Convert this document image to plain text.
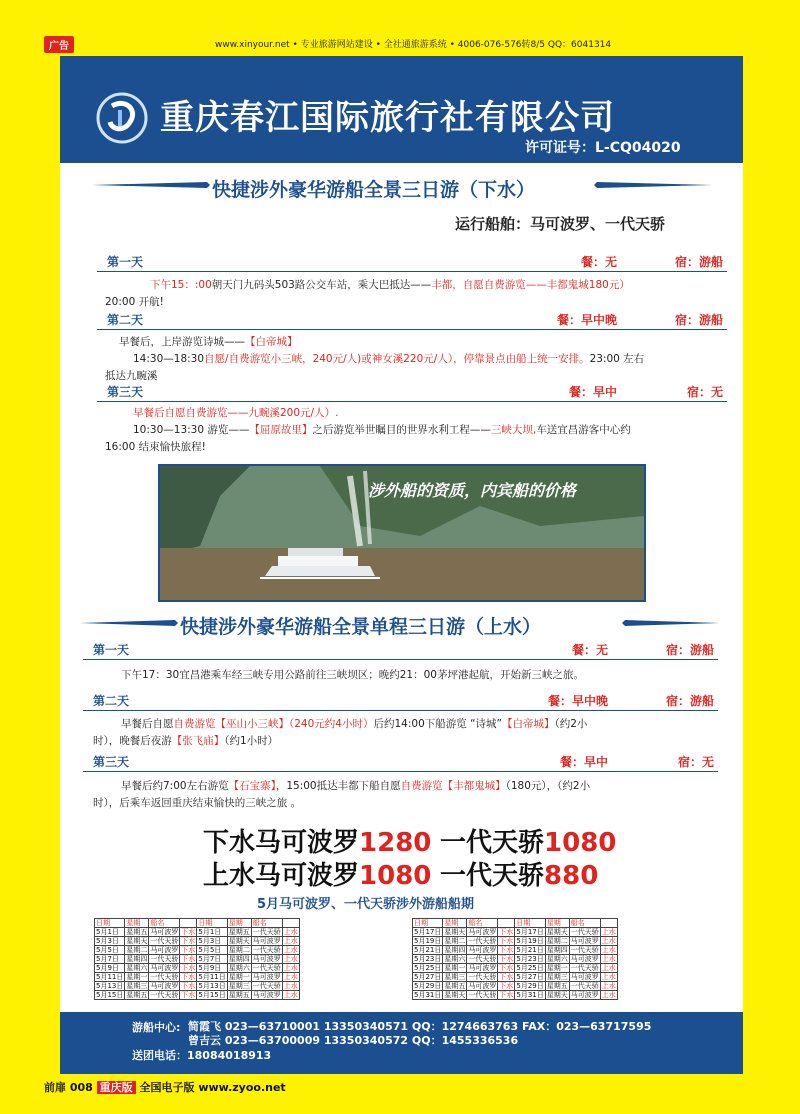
广告	www.xinyour.net • 专业旅游网站建设 • 全社通旅游系统 • 4006-076-576转8/5 QQ：6041314
重庆春江国际旅行社有限公司
许可证号：L-CQ04020
快捷涉外豪华游船全景三日游（下水）
运行船舶：马可波罗、一代天骄
第一天	餐：无	宿：游船
下午15：:00朝天门九码头503路公交车站，乘大巴抵达——丰都，自愿自费游览——丰都鬼城180元）
20:00 开航!
第二天	餐：早中晚	宿：游船
早餐后，上岸游览诗城——【白帝城】
14:30—18:30自愿/自费游览小三峡，240元/人)或神女溪220元/人），停靠景点由船上统一安排。23:00 左右
抵达九畹溪
第三天	餐：早中	宿：无
早餐后自愿自费游览——九畹溪200元/人）.
10:30—13:30 游览——【屈原故里】之后游览举世瞩目的世界水利工程——三峡大坝,车送宜昌游客中心约
16:00 结束愉快旅程!
涉外船的资质，内宾船的价格
快捷涉外豪华游船全景单程三日游（上水）
第一天	餐：无	宿：游船
下午17：30宜昌港乘车经三峡专用公路前往三峡坝区；晚约21：00茅坪港起航，开始新三峡之旅。
第二天	餐：早中晚	宿：游船
早餐后自愿自费游览【巫山小三峡】（240元约4小时）后约14:00下船游览 “诗城”【白帝城】（约2小
时），晚餐后夜游【张飞庙】（约1小时）
第三天	餐：早中	宿：无
早餐后约7:00左右游览【石宝寨】，15:00抵达丰都下船自愿自费游览【丰都鬼城】（180元），（约2小
时），后乘车返回重庆结束愉快的三峡之旅 。
下水马可波罗1280 一代天骄1080
上水马可波罗1080 一代天骄880
5月马可波罗、一代天骄涉外游船船期
日期	星期	船名		日期	星期	船名	
5月1日	星期五	马可波罗	下水	5月1日	星期五	一代天骄	上水
5月3日	星期天	一代天骄	下水	5月3日	星期天	马可波罗	上水
5月5日	星期二	马可波罗	下水	5月5日	星期二	一代天骄	上水
5月7日	星期四	一代天骄	下水	5月7日	星期四	马可波罗	上水
5月9日	星期六	马可波罗	下水	5月9日	星期六	一代天骄	上水
5月11日	星期一	一代天骄	下水	5月11日	星期一	马可波罗	上水
5月13日	星期三	马可波罗	下水	5月13日	星期三	一代天骄	上水
5月15日	星期五	一代天骄	下水	5月15日	星期五	马可波罗	上水
日期	星期	船名		日期	星期	船名	
5月17日	星期天	马可波罗	下水	5月17日	星期天	一代天骄	上水
5月19日	星期二	一代天骄	下水	5月19日	星期二	马可波罗	上水
5月21日	星期四	马可波罗	下水	5月21日	星期四	一代天骄	上水
5月23日	星期六	一代天骄	下水	5月23日	星期六	马可波罗	上水
5月25日	星期一	马可波罗	下水	5月25日	星期一	一代天骄	上水
5月27日	星期三	一代天骄	下水	5月27日	星期三	马可波罗	上水
5月29日	星期五	马可波罗	下水	5月29日	星期五	一代天骄	上水
5月31日	星期天	一代天骄	下水	5月31日	星期天	马可波罗	上水
游船中心: 简霞飞 023—63710001 13350340571 QQ：1274663763 FAX：023—63717595
曾吉云 023—63700009 13350340572 QQ：1455336536
送团电话：18084018913
前扉 008 重庆版 全国电子版 www.zyoo.net
